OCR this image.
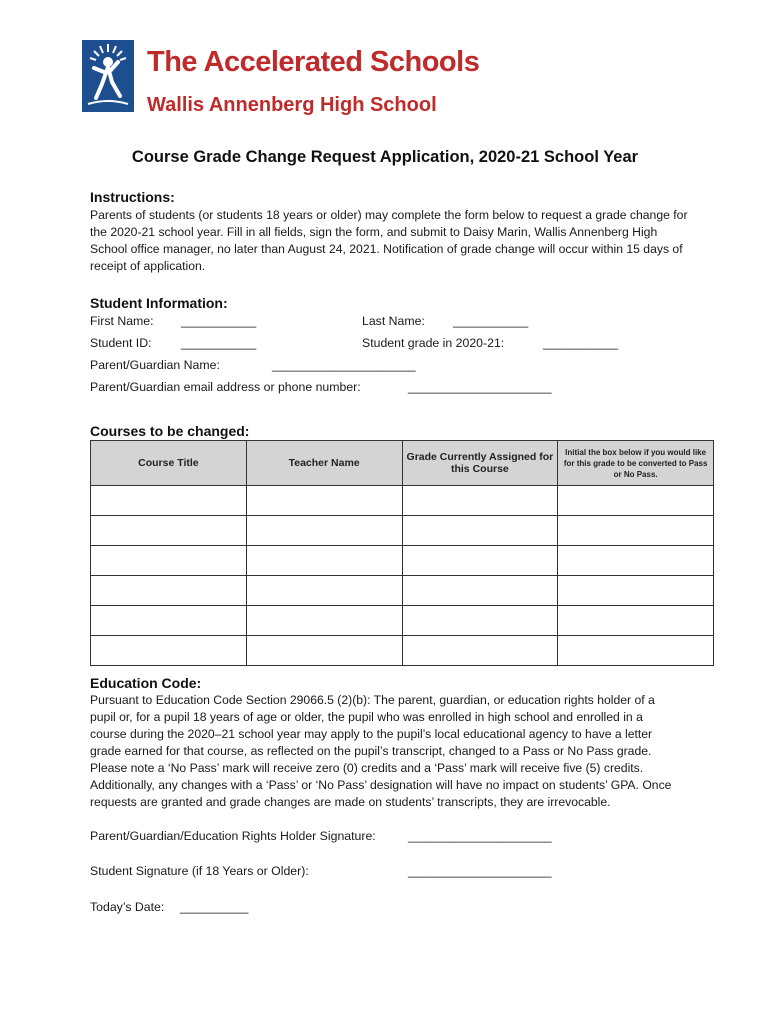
The Accelerated Schools
Wallis Annenberg High School
Course Grade Change Request Application, 2020-21 School Year
Instructions:
Parents of students (or students 18 years or older) may complete the form below to request a grade change for the 2020-21 school year. Fill in all fields, sign the form, and submit to Daisy Marin, Wallis Annenberg High School office manager, no later than August 24, 2021. Notification of grade change will occur within 15 days of receipt of application.
Student Information:
First Name: ___________	Last Name: ___________
Student ID: ___________	Student grade in 2020-21:	___________
Parent/Guardian Name:	_____________________
Parent/Guardian email address or phone number:	_____________________
Courses to be changed:
Course Title	Teacher Name	Grade Currently Assigned for this Course	Initial the box below if you would like for this grade to be converted to Pass or No Pass.

Education Code:
Pursuant to Education Code Section 29066.5 (2)(b): The parent, guardian, or education rights holder of a pupil or, for a pupil 18 years of age or older, the pupil who was enrolled in high school and enrolled in a course during the 2020–21 school year may apply to the pupil’s local educational agency to have a letter grade earned for that course, as reflected on the pupil’s transcript, changed to a Pass or No Pass grade. Please note a ‘No Pass’ mark will receive zero (0) credits and a ‘Pass’ mark will receive five (5) credits. Additionally, any changes with a ‘Pass’ or ‘No Pass’ designation will have no impact on students’ GPA. Once requests are granted and grade changes are made on students’ transcripts, they are irrevocable.
Parent/Guardian/Education Rights Holder Signature:	_____________________
Student Signature (if 18 Years or Older):	_____________________
Today’s Date: __________
